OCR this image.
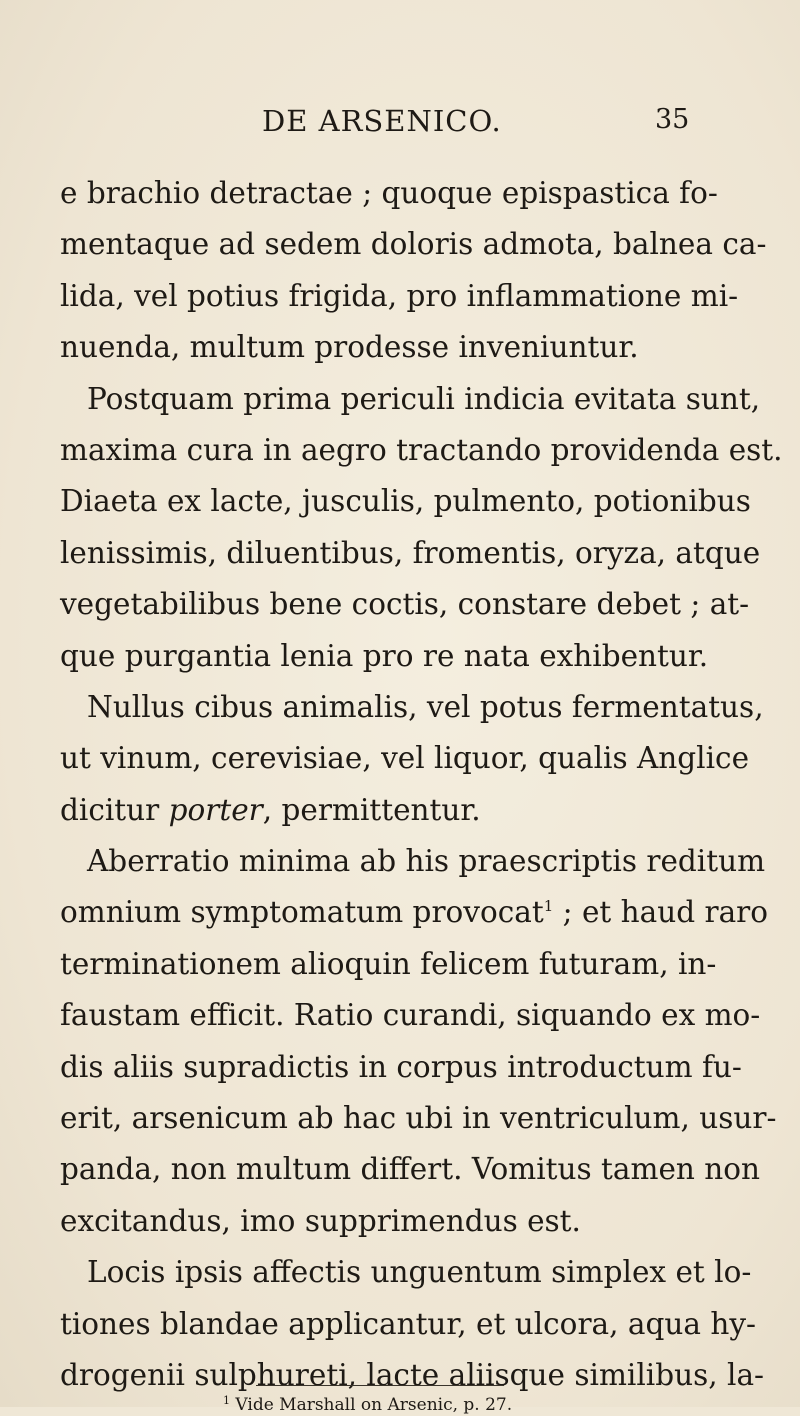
DE ARSENICO.	35
e brachio detractae ; quoque epispastica fo-
mentaque ad sedem doloris admota, balnea ca-
lida, vel potius frigida, pro inflammatione mi-
nuenda, multum prodesse inveniuntur.
Postquam prima periculi indicia evitata sunt,
maxima cura in aegro tractando providenda est.
Diaeta ex lacte, jusculis, pulmento, potionibus
lenissimis, diluentibus, fromentis, oryza, atque
vegetabilibus bene coctis, constare debet ; at-
que purgantia lenia pro re nata exhibentur.
Nullus cibus animalis, vel potus fermentatus,
ut vinum, cerevisiae, vel liquor, qualis Anglice
dicitur porter, permittentur.
Aberratio minima ab his praescriptis reditum
omnium symptomatum provocat$^1$ ; et haud raro
terminationem alioquin felicem futuram, in-
faustam efficit. Ratio curandi, siquando ex mo-
dis aliis supradictis in corpus introductum fu-
erit, arsenicum ab hac ubi in ventriculum, usur-
panda, non multum differt. Vomitus tamen non
excitandus, imo supprimendus est.
Locis ipsis affectis unguentum simplex et lo-
tiones blandae applicantur, et ulcora, aqua hy-
drogenii sulphureti, lacte aliisque similibus, la-
$^1$ Vide Marshall on Arsenic, p. 27.
